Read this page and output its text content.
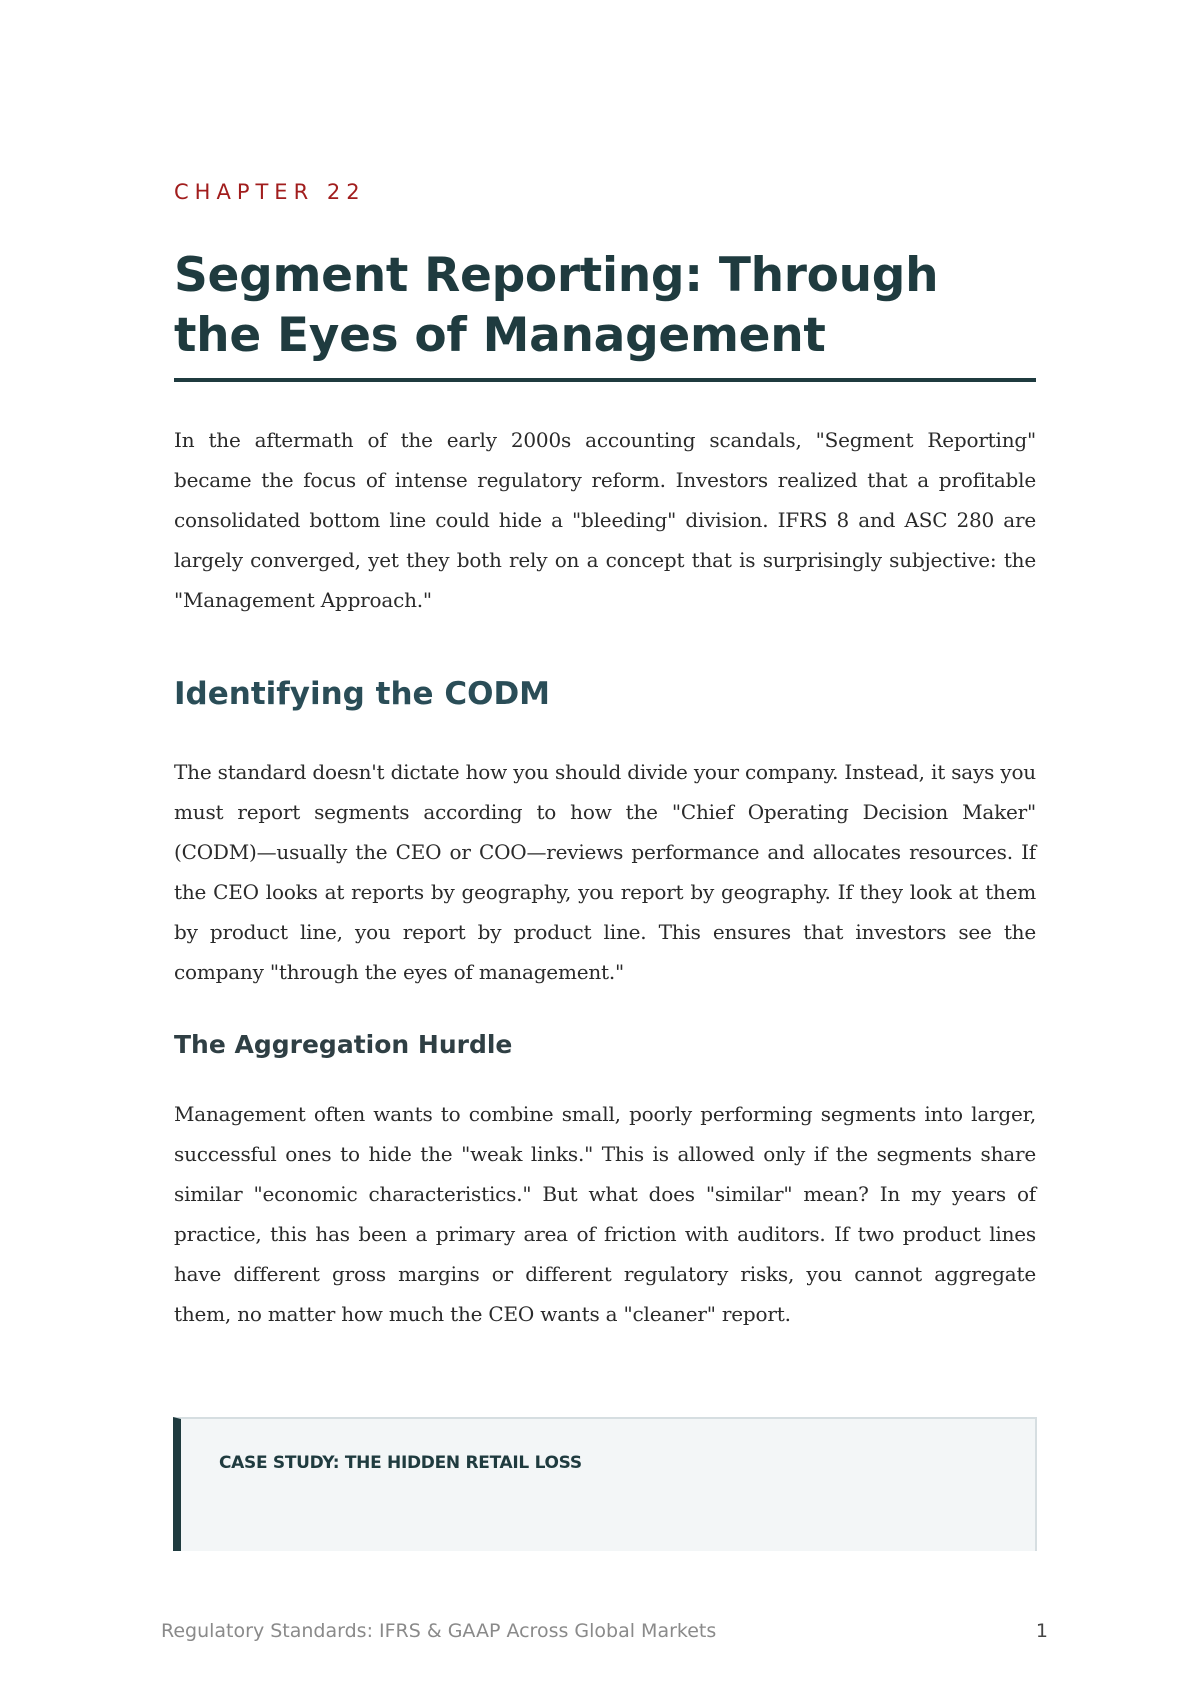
CHAPTER 22
Segment Reporting: Through the Eyes of Management

In the aftermath of the early 2000s accounting scandals, "Segment Reporting" became the focus of intense regulatory reform. Investors realized that a profitable consolidated bottom line could hide a "bleeding" division. IFRS 8 and ASC 280 are largely converged, yet they both rely on a concept that is surprisingly subjective: the "Management Approach."

Identifying the CODM

The standard doesn't dictate how you should divide your company. Instead, it says you must report segments according to how the "Chief Operating Decision Maker" (CODM)—usually the CEO or COO—reviews performance and allocates resources. If the CEO looks at reports by geography, you report by geography. If they look at them by product line, you report by product line. This ensures that investors see the company "through the eyes of management."

The Aggregation Hurdle

Management often wants to combine small, poorly performing segments into larger, successful ones to hide the "weak links." This is allowed only if the segments share similar "economic characteristics." But what does "similar" mean? In my years of practice, this has been a primary area of friction with auditors. If two product lines have different gross margins or different regulatory risks, you cannot aggregate them, no matter how much the CEO wants a "cleaner" report.

CASE STUDY: THE HIDDEN RETAIL LOSS
Regulatory Standards: IFRS & GAAP Across Global Markets	1
